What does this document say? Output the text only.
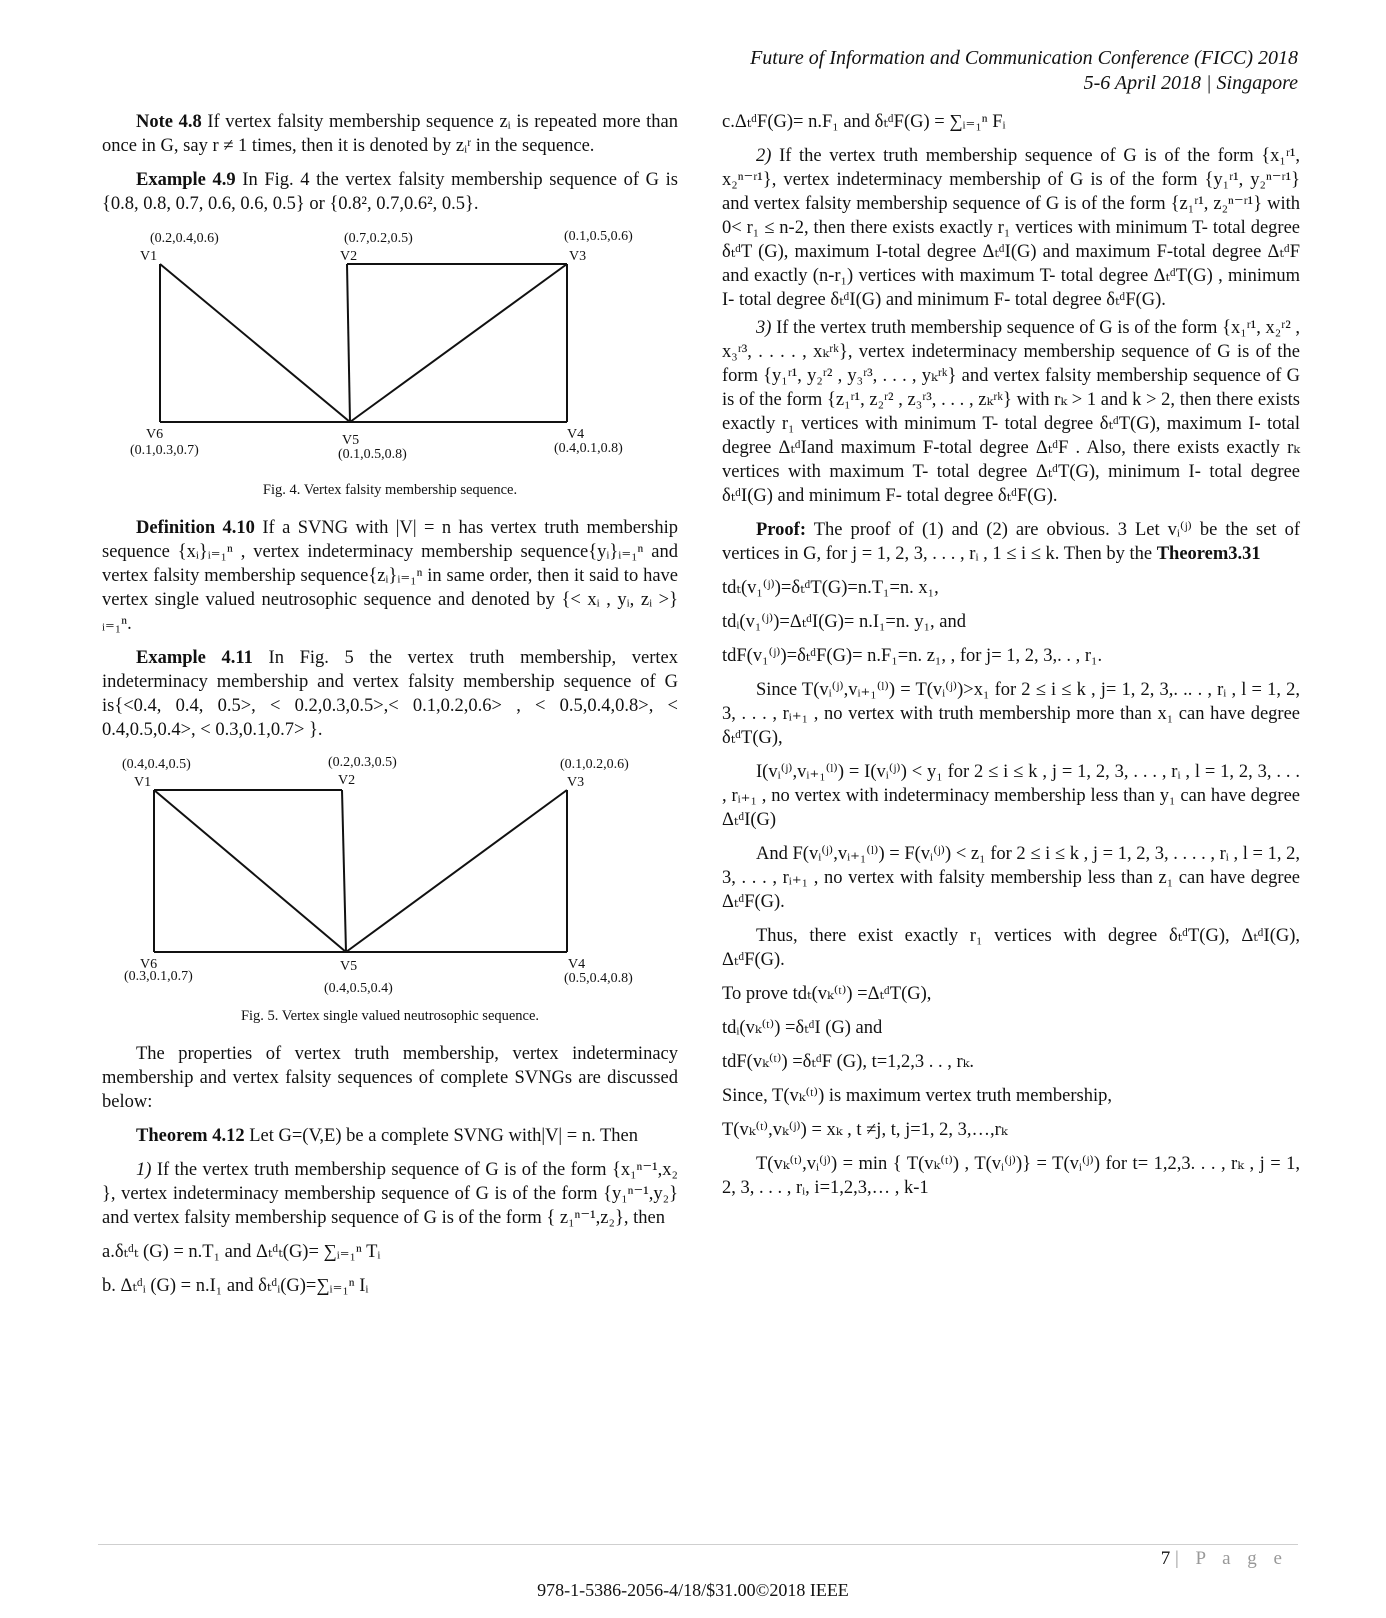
Future of Information and Communication Conference (FICC) 2018
5-6 April 2018 | Singapore

Note 4.8 If vertex falsity membership sequence zᵢ is repeated more than once in G, say r ≠ 1 times, then it is denoted by zᵢʳ in the sequence.

Example 4.9 In Fig. 4 the vertex falsity membership sequence of G is {0.8, 0.8, 0.7, 0.6, 0.6, 0.5} or {0.8², 0.7,0.6², 0.5}.

(0.2,0.4,0.6)
V1
(0.7,0.2,0.5)
V2
(0.1,0.5,0.6)
V3
V4
(0.4,0.1,0.8)
V5
(0.1,0.5,0.8)
V6
(0.1,0.3,0.7)
Fig. 4. Vertex falsity membership sequence.

Definition 4.10 If a SVNG with |V| = n has vertex truth membership sequence {xᵢ}ᵢ₌₁ⁿ , vertex indeterminacy membership sequence{yᵢ}ᵢ₌₁ⁿ and vertex falsity membership sequence{zᵢ}ᵢ₌₁ⁿ in same order, then it said to have vertex single valued neutrosophic sequence and denoted by {< xᵢ , yᵢ, zᵢ >}ᵢ₌₁ⁿ.

Example 4.11 In Fig. 5 the vertex truth membership, vertex indeterminacy membership and vertex falsity membership sequence of G is{<0.4, 0.4, 0.5>, < 0.2,0.3,0.5>,< 0.1,0.2,0.6> , < 0.5,0.4,0.8>, < 0.4,0.5,0.4>, < 0.3,0.1,0.7> }.

(0.4,0.4,0.5)
V1
(0.2,0.3,0.5)
V2
(0.1,0.2,0.6)
V3
V4
(0.5,0.4,0.8)
V5
(0.4,0.5,0.4)
V6
(0.3,0.1,0.7)
Fig. 5. Vertex single valued neutrosophic sequence.

The properties of vertex truth membership, vertex indeterminacy membership and vertex falsity sequences of complete SVNGs are discussed below:

Theorem 4.12 Let G=(V,E) be a complete SVNG with|V| = n. Then

1) If the vertex truth membership sequence of G is of the form {x₁ⁿ⁻¹,x₂ }, vertex indeterminacy membership sequence of G is of the form {y₁ⁿ⁻¹,y₂} and vertex falsity membership sequence of G is of the form { z₁ⁿ⁻¹,z₂}, then

a.δₜᵈₜ (G) = n.T₁ and Δₜᵈₜ(G)= ∑ᵢ₌₁ⁿ Tᵢ

b. Δₜᵈᵢ (G) = n.I₁ and δₜᵈᵢ(G)=∑ᵢ₌₁ⁿ Iᵢ

c.ΔₜᵈF(G)= n.F₁ and δₜᵈF(G) = ∑ᵢ₌₁ⁿ Fᵢ

2) If the vertex truth membership sequence of G is of the form {x₁ʳ¹, x₂ⁿ⁻ʳ¹}, vertex indeterminacy membership of G is of the form {y₁ʳ¹, y₂ⁿ⁻ʳ¹} and vertex falsity membership sequence of G is of the form {z₁ʳ¹, z₂ⁿ⁻ʳ¹} with 0< r₁ ≤ n-2, then there exists exactly r₁ vertices with minimum T- total degree δₜᵈT (G), maximum I-total degree ΔₜᵈI(G) and maximum F-total degree ΔₜᵈF and exactly (n-r₁) vertices with maximum T- total degree ΔₜᵈT(G) , minimum I- total degree δₜᵈI(G) and minimum F- total degree δₜᵈF(G).

3) If the vertex truth membership sequence of G is of the form {x₁ʳ¹, x₂ʳ² , x₃ʳ³, . . . . , xₖʳᵏ}, vertex indeterminacy membership sequence of G is of the form {y₁ʳ¹, y₂ʳ² , y₃ʳ³, . . . , yₖʳᵏ} and vertex falsity membership sequence of G is of the form {z₁ʳ¹, z₂ʳ² , z₃ʳ³, . . . , zₖʳᵏ} with rₖ > 1 and k > 2, then there exists exactly r₁ vertices with minimum T- total degree δₜᵈT(G), maximum I- total degree ΔₜᵈIand maximum F-total degree ΔₜᵈF . Also, there exists exactly rₖ vertices with maximum T- total degree ΔₜᵈT(G), minimum I- total degree δₜᵈI(G) and minimum F- total degree δₜᵈF(G).

Proof: The proof of (1) and (2) are obvious. 3 Let vᵢ⁽ʲ⁾ be the set of vertices in G, for j = 1, 2, 3, . . . , rᵢ , 1 ≤ i ≤ k. Then by the Theorem3.31

tdₜ(v₁⁽ʲ⁾)=δₜᵈT(G)=n.T₁=n. x₁,

tdᵢ(v₁⁽ʲ⁾)=ΔₜᵈI(G)= n.I₁=n. y₁, and

tdF(v₁⁽ʲ⁾)=δₜᵈF(G)= n.F₁=n. z₁, , for j= 1, 2, 3,. . , r₁.

Since T(vᵢ⁽ʲ⁾,vᵢ₊₁⁽ˡ⁾) = T(vᵢ⁽ʲ⁾)>x₁ for 2 ≤ i ≤ k , j= 1, 2, 3,. .. . , rᵢ , l = 1, 2, 3, . . . , rᵢ₊₁ , no vertex with truth membership more than x₁ can have degree δₜᵈT(G),

I(vᵢ⁽ʲ⁾,vᵢ₊₁⁽ˡ⁾) = I(vᵢ⁽ʲ⁾) < y₁ for 2 ≤ i ≤ k , j = 1, 2, 3, . . . , rᵢ , l = 1, 2, 3, . . . , rᵢ₊₁ , no vertex with indeterminacy membership less than y₁ can have degree ΔₜᵈI(G)

And F(vᵢ⁽ʲ⁾,vᵢ₊₁⁽ˡ⁾) = F(vᵢ⁽ʲ⁾) < z₁ for 2 ≤ i ≤ k , j = 1, 2, 3, . . . . , rᵢ , l = 1, 2, 3, . . . , rᵢ₊₁ , no vertex with falsity membership less than z₁ can have degree ΔₜᵈF(G).

Thus, there exist exactly r₁ vertices with degree δₜᵈT(G), ΔₜᵈI(G), ΔₜᵈF(G).

To prove tdₜ(vₖ⁽ᵗ⁾) =ΔₜᵈT(G),

tdᵢ(vₖ⁽ᵗ⁾) =δₜᵈI (G) and

tdF(vₖ⁽ᵗ⁾) =δₜᵈF (G), t=1,2,3 . . , rₖ.

Since, T(vₖ⁽ᵗ⁾) is maximum vertex truth membership,

T(vₖ⁽ᵗ⁾,vₖ⁽ʲ⁾) = xₖ , t ≠j, t, j=1, 2, 3,…,rₖ

T(vₖ⁽ᵗ⁾,vᵢ⁽ʲ⁾) = min { T(vₖ⁽ᵗ⁾) , T(vᵢ⁽ʲ⁾)} = T(vᵢ⁽ʲ⁾) for t= 1,2,3. . . , rₖ , j = 1, 2, 3, . . . , rᵢ, i=1,2,3,… , k-1

7 | P a g e
978-1-5386-2056-4/18/$31.00©2018 IEEE
